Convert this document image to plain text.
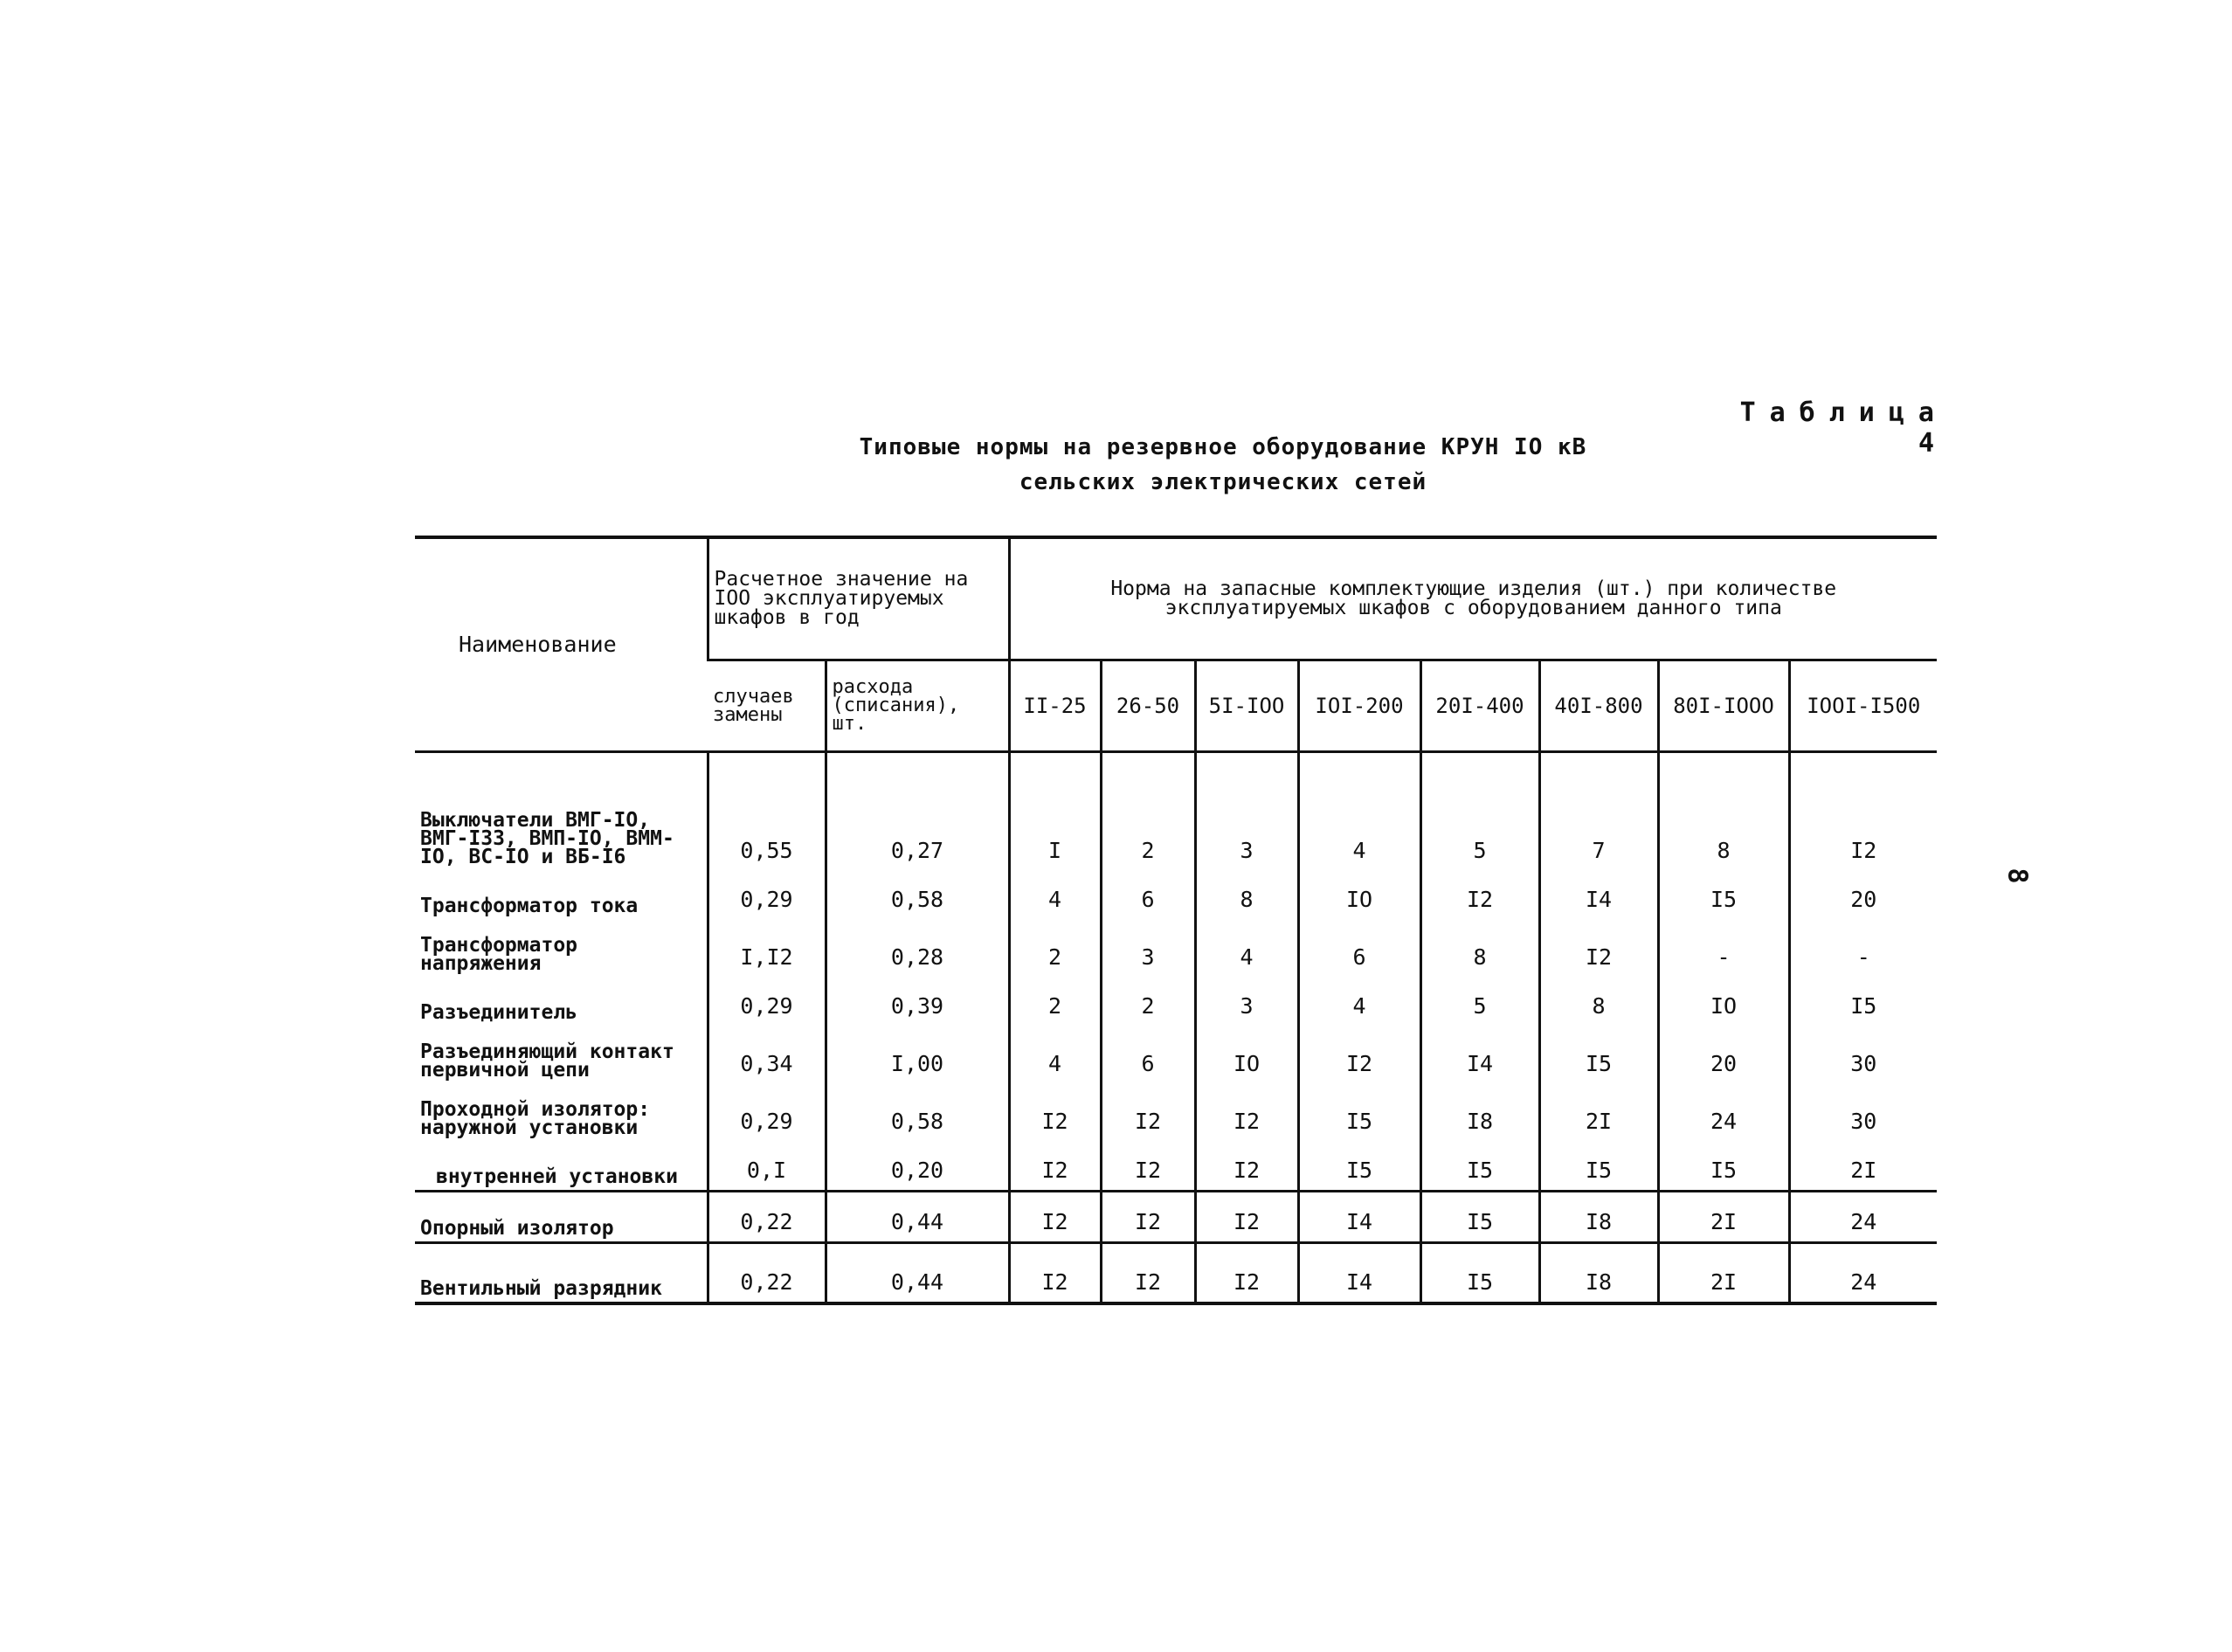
Таблица 4
Типовые нормы на резервное оборудование КРУН IO кВ
сельских электрических сетей
8
Наименование	Расчетное значение на IOO эксплуатируемых шкафов в год		Норма на запасные комплектующие изделия (шт.) при количестве эксплуатируемых шкафов с оборудованием данного типа							
	случаев замены	расхода (списания), шт.	II-25	26-50	5I-IOO	IOI-200	20I-400	40I-800	80I-IOOO	IOOI-I500
Выключатели ВМГ-IO, ВМГ-I33, ВМП-IO, ВММ-IO, ВС-IO и ВБ-I6	0,55	0,27	I	2	3	4	5	7	8	I2
Трансформатор тока	0,29	0,58	4	6	8	IO	I2	I4	I5	20
Трансформатор напряжения	I,I2	0,28	2	3	4	6	8	I2	-	-
Разъединитель	0,29	0,39	2	2	3	4	5	8	IO	I5
Разъединяющий контакт первичной цепи	0,34	I,00	4	6	IO	I2	I4	I5	20	30
Проходной изолятор: наружной установки	0,29	0,58	I2	I2	I2	I5	I8	2I	24	30
внутренней установки	0,I	0,20	I2	I2	I2	I5	I5	I5	I5	2I
Опорный изолятор	0,22	0,44	I2	I2	I2	I4	I5	I8	2I	24
Вентильный разрядник	0,22	0,44	I2	I2	I2	I4	I5	I8	2I	24
